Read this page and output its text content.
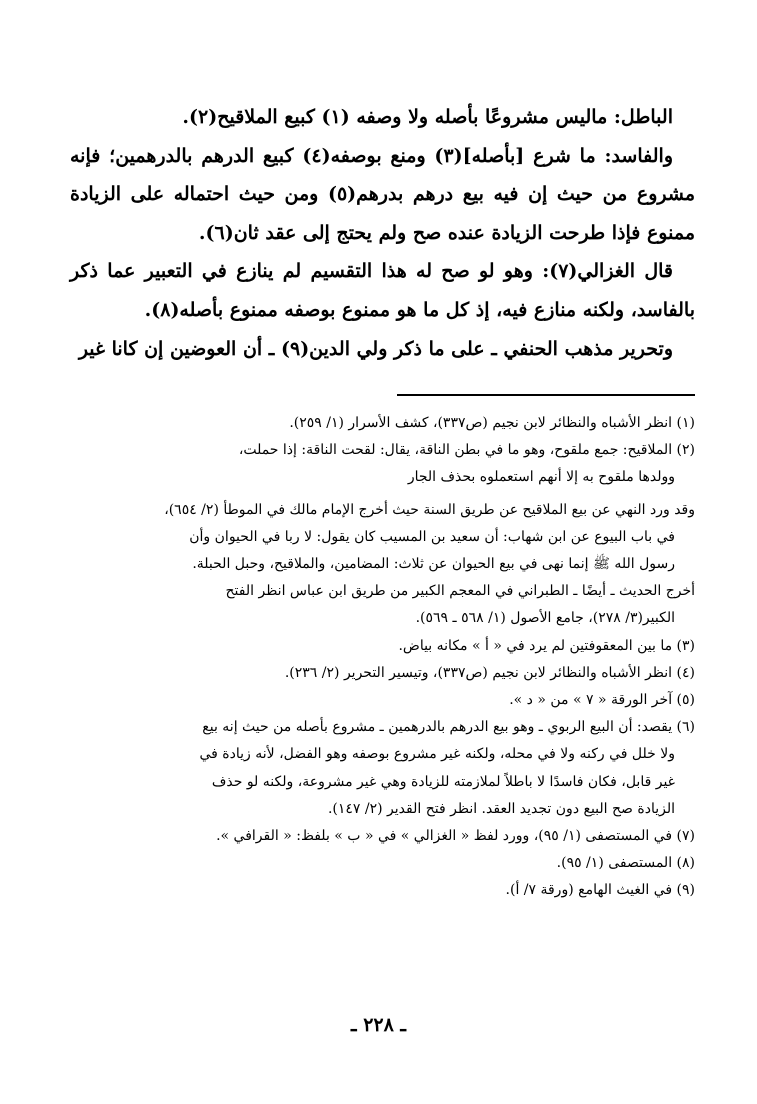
الباطل: ماليس مشروعًا بأصله ولا وصفه (١) كبيع الملاقيح(٢).

والفاسد: ما شرع [بأصله](٣) ومنع بوصفه(٤) كبيع الدرهم بالدرهمين؛ فإنه مشروع من حيث إن فيه بيع درهم بدرهم(٥) ومن حيث احتماله على الزيادة ممنوع فإذا طرحت الزيادة عنده صح ولم يحتج إلى عقد ثان(٦).

قال الغزالي(٧): وهو لو صح له هذا التقسيم لم ينازع في التعبير عما ذكر بالفاسد، ولكنه منازع فيه، إذ كل ما هو ممنوع بوصفه ممنوع بأصله(٨).

وتحرير مذهب الحنفي ـ على ما ذكر ولي الدين(٩) ـ أن العوضين إن كانا غير

(١) انظر الأشباه والنظائر لابن نجيم (ص٣٣٧)، كشف الأسرار (١/ ٢٥٩).

(٢) الملاقيح: جمع ملقوح، وهو ما في بطن الناقة، يقال: لقحت الناقة: إذا حملت،

وولدها ملقوح به إلا أنهم استعملوه بحذف الجار

وقد ورد النهي عن بيع الملاقيح عن طريق السنة حيث أخرج الإمام مالك في الموطأ (٢/ ٦٥٤)،

في باب البيوع عن ابن شهاب: أن سعيد بن المسيب كان يقول: لا ربا في الحيوان وأن

رسول الله ﷺ إنما نهى في بيع الحيوان عن ثلاث: المضامين، والملاقيح، وحبل الحبلة.

أخرج الحديث ـ أيضًا ـ الطبراني في المعجم الكبير من طريق ابن عباس انظر الفتح

الكبير(٣/ ٢٧٨)، جامع الأصول (١/ ٥٦٨ ـ ٥٦٩).

(٣) ما بين المعقوفتين لم يرد في « أ » مكانه بياض.

(٤) انظر الأشباه والنظائر لابن نجيم (ص٣٣٧)، وتيسير التحرير (٢/ ٢٣٦).

(٥) آخر الورقة « ٧ » من « د ».

(٦) يقصد: أن البيع الربوي ـ وهو بيع الدرهم بالدرهمين ـ مشروع بأصله من حيث إنه بيع

ولا خلل في ركنه ولا في محله، ولكنه غير مشروع بوصفه وهو الفضل، لأنه زيادة في

غير قابل، فكان فاسدًا لا باطلاً لملازمته للزيادة وهي غير مشروعة، ولكنه لو حذف

الزيادة صح البيع دون تجديد العقد. انظر فتح القدير (٢/ ١٤٧).

(٧) في المستصفى (١/ ٩٥)، وورد لفظ « الغزالي » في « ب » بلفظ: « القرافي ».

(٨) المستصفى (١/ ٩٥).

(٩) في الغيث الهامع (ورقة ٧/ أ).

ـ ٢٢٨ ـ
